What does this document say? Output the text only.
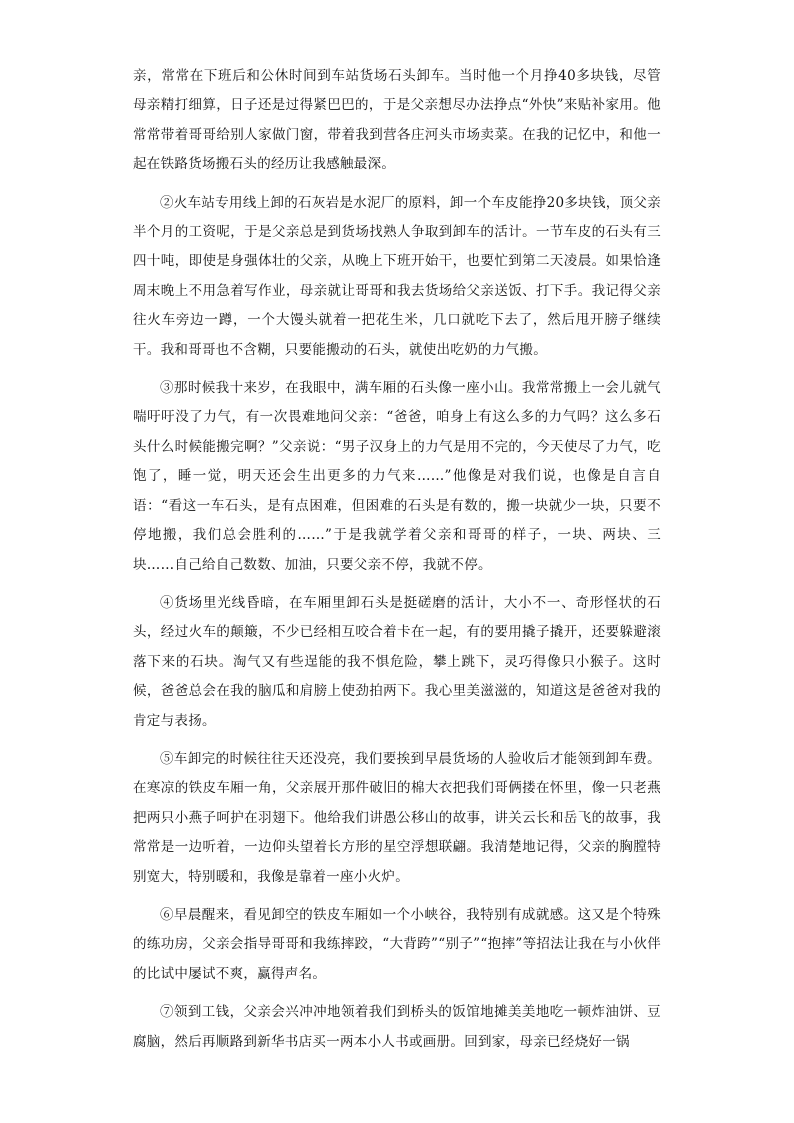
亲，常常在下班后和公休时间到车站货场石头卸车。当时他一个月挣40多块钱，尽管母亲精打细算，日子还是过得紧巴巴的，于是父亲想尽办法挣点“外快”来贴补家用。他常常带着哥哥给别人家做门窗，带着我到营各庄河头市场卖菜。在我的记忆中，和他一起在铁路货场搬石头的经历让我感触最深。

②火车站专用线上卸的石灰岩是水泥厂的原料，卸一个车皮能挣20多块钱，顶父亲半个月的工资呢，于是父亲总是到货场找熟人争取到卸车的活计。一节车皮的石头有三四十吨，即使是身强体壮的父亲，从晚上下班开始干，也要忙到第二天凌晨。如果恰逢周末晚上不用急着写作业，母亲就让哥哥和我去货场给父亲送饭、打下手。我记得父亲往火车旁边一蹲，一个大馒头就着一把花生米，几口就吃下去了，然后甩开膀子继续干。我和哥哥也不含糊，只要能搬动的石头，就使出吃奶的力气搬。

③那时候我十来岁，在我眼中，满车厢的石头像一座小山。我常常搬上一会儿就气喘吁吁没了力气，有一次畏难地问父亲：“爸爸，咱身上有这么多的力气吗？这么多石头什么时候能搬完啊？”父亲说：“男子汉身上的力气是用不完的，今天使尽了力气，吃饱了，睡一觉，明天还会生出更多的力气来……”他像是对我们说，也像是自言自语：“看这一车石头，是有点困难，但困难的石头是有数的，搬一块就少一块，只要不停地搬，我们总会胜利的……”于是我就学着父亲和哥哥的样子，一块、两块、三块……自己给自己数数、加油，只要父亲不停，我就不停。

④货场里光线昏暗，在车厢里卸石头是挺磋磨的活计，大小不一、奇形怪状的石头，经过火车的颠簸，不少已经相互咬合着卡在一起，有的要用撬子撬开，还要躲避滚落下来的石块。淘气又有些逞能的我不惧危险，攀上跳下，灵巧得像只小猴子。这时候，爸爸总会在我的脑瓜和肩膀上使劲拍两下。我心里美滋滋的，知道这是爸爸对我的肯定与表扬。

⑤车卸完的时候往往天还没亮，我们要挨到早晨货场的人验收后才能领到卸车费。在寒凉的铁皮车厢一角，父亲展开那件破旧的棉大衣把我们哥俩搂在怀里，像一只老燕把两只小燕子呵护在羽翅下。他给我们讲愚公移山的故事，讲关云长和岳飞的故事，我常常是一边听着，一边仰头望着长方形的星空浮想联翩。我清楚地记得，父亲的胸膛特别宽大，特别暖和，我像是靠着一座小火炉。

⑥早晨醒来，看见卸空的铁皮车厢如一个小峡谷，我特别有成就感。这又是个特殊的练功房，父亲会指导哥哥和我练摔跤，“大背跨”“别子”“抱摔”等招法让我在与小伙伴的比试中屡试不爽，赢得声名。

⑦领到工钱，父亲会兴冲冲地领着我们到桥头的饭馆地摊美美地吃一顿炸油饼、豆腐脑，然后再顺路到新华书店买一两本小人书或画册。回到家，母亲已经烧好一锅
